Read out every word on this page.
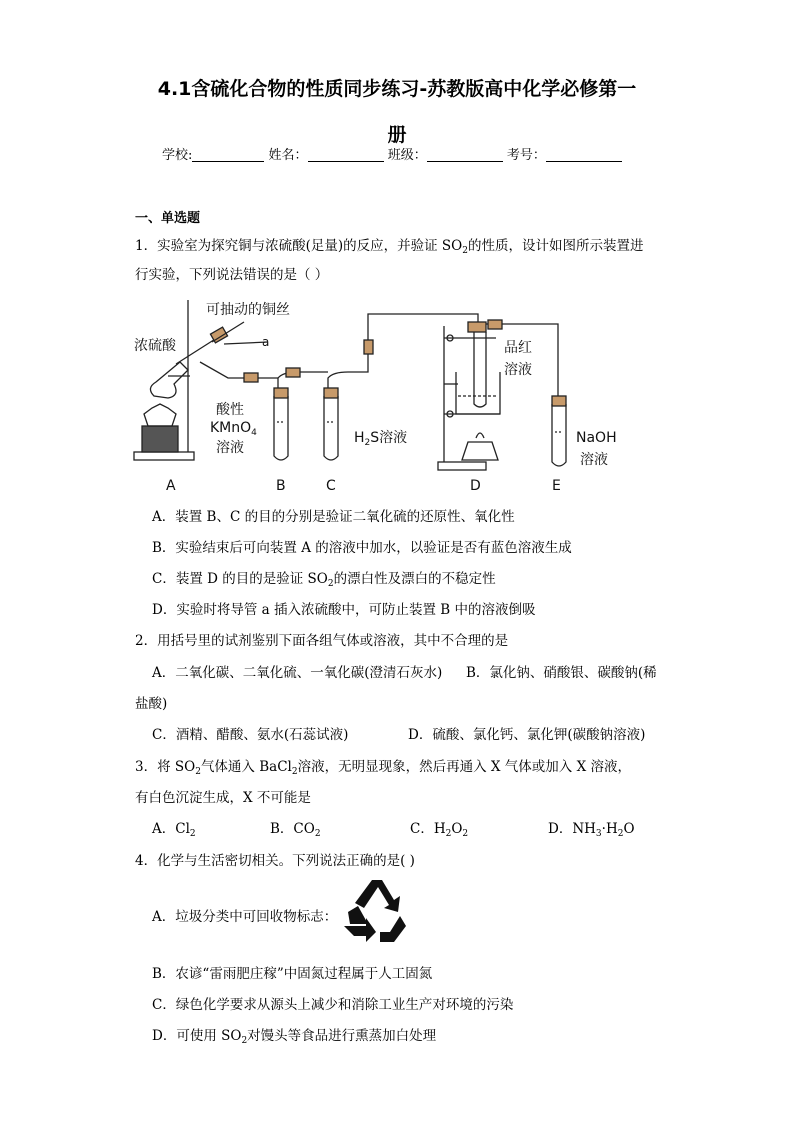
4.1含硫化合物的性质同步练习-苏教版高中化学必修第一
册
学校:	姓名：	班级：	考号：
一、单选题
1．实验室为探究铜与浓硫酸(足量)的反应，并验证 $SO_2$的性质，设计如图所示装置进
行实验，下列说法错误的是（ ）
可抽动的铜丝
浓硫酸	a
酸性
KMnO$_4$
溶液
$H_2S$溶液
品红
溶液
NaOH
溶液
A	B	C	D	E
A．装置 B、C 的目的分别是验证二氧化硫的还原性、氧化性
B．实验结束后可向装置 A 的溶液中加水，以验证是否有蓝色溶液生成
C．装置 D 的目的是验证 $SO_2$的漂白性及漂白的不稳定性
D．实验时将导管 a 插入浓硫酸中，可防止装置 B 中的溶液倒吸
2．用括号里的试剂鉴别下面各组气体或溶液，其中不合理的是
A．二氧化碳、二氧化硫、一氧化碳(澄清石灰水) B．氯化钠、硝酸银、碳酸钠(稀
盐酸)
C．酒精、醋酸、氨水(石蕊试液)	D．硫酸、氯化钙、氯化钾(碳酸钠溶液)
3．将 $SO_2$气体通入 BaCl$_2$溶液，无明显现象，然后再通入 X 气体或加入 X 溶液，
有白色沉淀生成，X 不可能是
A．$Cl_2$	B．$CO_2$	C．$H_2O_2$	D．$NH_3\cdot H_2O$
4．化学与生活密切相关。下列说法正确的是( )
A．垃圾分类中可回收物标志：
B．农谚“雷雨肥庄稼”中固氮过程属于人工固氮
C．绿色化学要求从源头上减少和消除工业生产对环境的污染
D．可使用 $SO_2$对馒头等食品进行熏蒸加白处理
